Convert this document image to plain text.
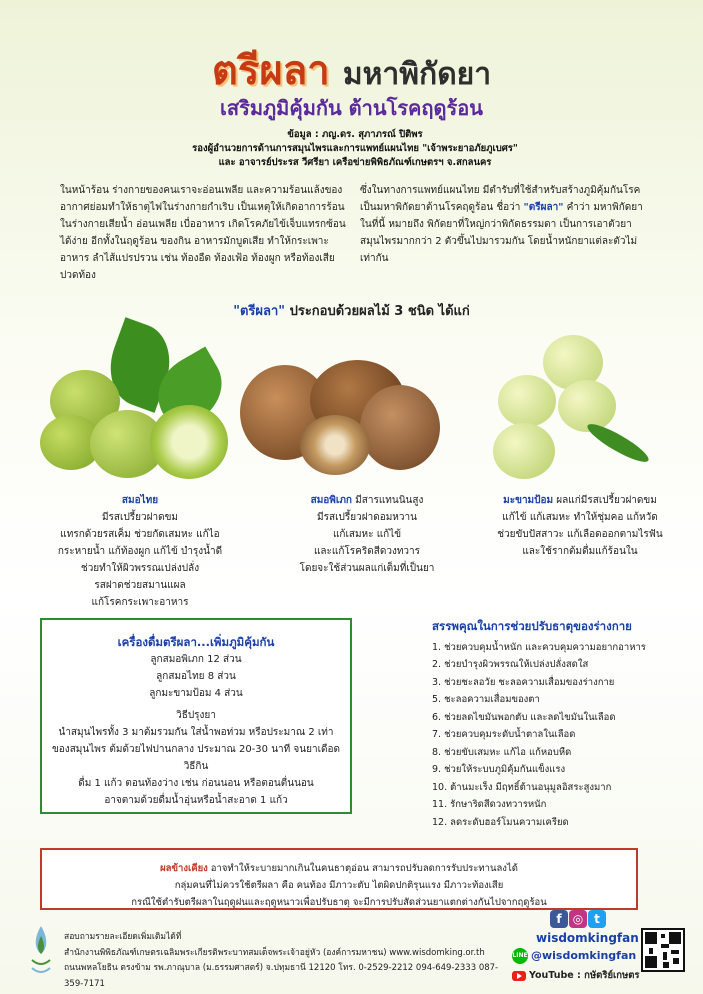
ตรีผลา มหาพิกัดยา
เสริมภูมิคุ้มกัน ต้านโรคฤดูร้อน
ข้อมูล : ภญ.ดร. สุภาภรณ์ ปิติพร
รองผู้อำนวยการด้านการสมุนไพรและการแพทย์แผนไทย "เจ้าพระยาอภัยภูเบศร"
และ อาจารย์ประรส วีศรียา เครือข่ายพิพิธภัณฑ์เกษตรฯ จ.สกลนคร

ในหน้าร้อน ร่างกายของคนเราจะอ่อนเพลีย และความร้อนแล้งของอากาศย่อมทำให้ธาตุไฟในร่างกายกำเริบ เป็นเหตุให้เกิดอาการร้อนในร่างกายเสียน้ำ อ่อนเพลีย เบื่ออาหาร เกิดโรคภัยไข้เจ็บแทรกซ้อนได้ง่าย อีกทั้งในฤดูร้อน ของกิน อาหารมักบูดเสีย ทำให้กระเพาะอาหาร ลำไส้แปรปรวน เช่น ท้องอืด ท้องเฟ้อ ท้องผูก หรือท้องเสีย ปวดท้อง

ซึ่งในทางการแพทย์แผนไทย มีตำรับที่ใช้สำหรับสร้างภูมิคุ้มกันโรค เป็นมหาพิกัดยาต้านโรคฤดูร้อน ชื่อว่า "ตรีผลา" คำว่า มหาพิกัดยา ในที่นี้ หมายถึง พิกัดยาที่ใหญ่กว่าพิกัดธรรมดา เป็นการเอาตัวยาสมุนไพรมากกว่า 2 ตัวขึ้นไปมารวมกัน โดยน้ำหนักยาแต่ละตัวไม่เท่ากัน

"ตรีผลา" ประกอบด้วยผลไม้ 3 ชนิด ได้แก่
สมอไทย
มีรสเปรี้ยวฝาดขม
แทรกด้วยรสเค็ม ช่วยกัดเสมหะ แก้ไอ
กระหายน้ำ แก้ท้องผูก แก้ไข้ บำรุงน้ำดี
ช่วยทำให้ผิวพรรณเปล่งปลั่ง
รสฝาดช่วยสมานแผล
แก้โรคกระเพาะอาหาร
สมอพิเภก มีสารแทนนินสูง
มีรสเปรี้ยวฝาดอมหวาน
แก้เสมหะ แก้ไข้
และแก้โรคริดสีดวงทวาร
โดยจะใช้ส่วนผลแก่เต็มที่เป็นยา
มะขามป้อม ผลแก่มีรสเปรี้ยวฝาดขม
แก้ไข้ แก้เสมหะ ทำให้ชุ่มคอ แก้หวัด
ช่วยขับปัสสาวะ แก้เลือดออกตามไรฟัน
และใช้รากต้มดื่มแก้ร้อนใน
เครื่องดื่มตรีผลา...เพิ่มภูมิคุ้มกัน

ลูกสมอพิเภก 12 ส่วน

ลูกสมอไทย 8 ส่วน

ลูกมะขามป้อม 4 ส่วน

วิธีปรุงยา

นำสมุนไพรทั้ง 3 มาต้มรวมกัน ใส่น้ำพอท่วม หรือประมาณ 2 เท่า

ของสมุนไพร ต้มด้วยไฟปานกลาง ประมาณ 20-30 นาที จนยาเดือด

วิธีกิน

ดื่ม 1 แก้ว ตอนท้องว่าง เช่น ก่อนนอน หรือตอนตื่นนอน

อาจตามด้วยดื่มน้ำอุ่นหรือน้ำสะอาด 1 แก้ว

สรรพคุณในการช่วยปรับธาตุของร่างกาย
1. ช่วยควบคุมน้ำหนัก และควบคุมความอยากอาหาร
2. ช่วยบำรุงผิวพรรณให้เปล่งปลั่งสดใส
3. ช่วยชะลอวัย ชะลอความเสื่อมของร่างกาย
5. ชะลอความเสื่อมของตา
6. ช่วยลดไขมันพอกตับ และลดไขมันในเลือด
7. ช่วยควบคุมระดับน้ำตาลในเลือด
8. ช่วยขับเสมหะ แก้ไอ แก้หอบหืด
9. ช่วยให้ระบบภูมิคุ้มกันแข็งแรง
10. ต้านมะเร็ง มีฤทธิ์ต้านอนุมูลอิสระสูงมาก
11. รักษาริดสีดวงทวารหนัก
12. ลดระดับฮอร์โมนความเครียด
ผลข้างเคียง อาจทำให้ระบายมากเกินในคนธาตุอ่อน สามารถปรับลดการรับประทานลงได้
กลุ่มคนที่ไม่ควรใช้ตรีผลา คือ คนท้อง มีภาวะตับ ไตผิดปกติรุนแรง มีภาวะท้องเสีย
กรณีใช้ตำรับตรีผลาในฤดูฝนและฤดูหนาวเพื่อปรับธาตุ จะมีการปรับสัดส่วนยาแตกต่างกันไปจากฤดูร้อน
สอบถามรายละเอียดเพิ่มเติมได้ที่
สำนักงานพิพิธภัณฑ์เกษตรเฉลิมพระเกียรติพระบาทสมเด็จพระเจ้าอยู่หัว (องค์การมหาชน) www.wisdomking.or.th
ถนนพหลโยธิน ตรงข้าม รพ.ภาณุบาล (ม.ธรรมศาสตร์) จ.ปทุมธานี 12120 โทร. 0-2529-2212 094-649-2333 087-359-7171
f ◎ t
wisdomkingfan
LINE @wisdomkingfan
YouTube : กษัตริย์เกษตร
